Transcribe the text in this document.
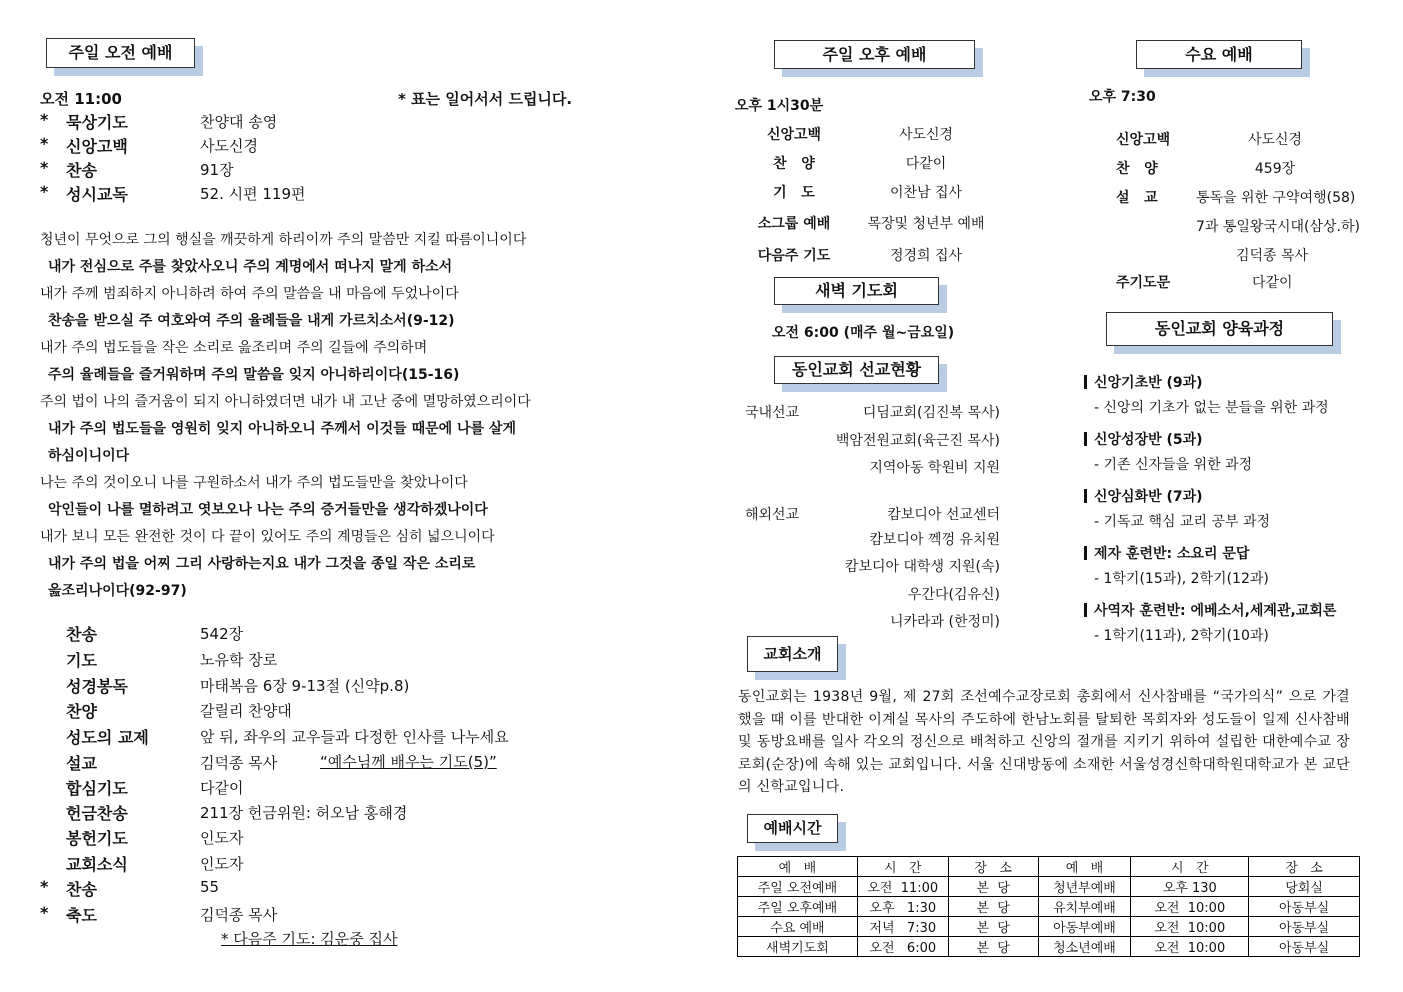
주일 오전 예배
오전 11:00	* 표는 일어서서 드립니다.
* 묵상기도	찬양대 송영
* 신앙고백	사도신경
* 찬송	91장
* 성시교독	52. 시편 119편
청년이 무엇으로 그의 행실을 깨끗하게 하리이까 주의 말씀만 지킬 따름이니이다
내가 전심으로 주를 찾았사오니 주의 계명에서 떠나지 말게 하소서
내가 주께 범죄하지 아니하려 하여 주의 말씀을 내 마음에 두었나이다
찬송을 받으실 주 여호와여 주의 율례들을 내게 가르치소서(9-12)
내가 주의 법도들을 작은 소리로 읊조리며 주의 길들에 주의하며
주의 율례들을 즐거워하며 주의 말씀을 잊지 아니하리이다(15-16)
주의 법이 나의 즐거움이 되지 아니하였더면 내가 내 고난 중에 멸망하였으리이다
내가 주의 법도들을 영원히 잊지 아니하오니 주께서 이것들 때문에 나를 살게
하심이니이다
나는 주의 것이오니 나를 구원하소서 내가 주의 법도들만을 찾았나이다
악인들이 나를 멸하려고 엿보오나 나는 주의 증거들만을 생각하겠나이다
내가 보니 모든 완전한 것이 다 끝이 있어도 주의 계명들은 심히 넓으니이다
내가 주의 법을 어찌 그리 사랑하는지요 내가 그것을 종일 작은 소리로
읊조리나이다(92-97)
찬송	542장
기도	노유학 장로
성경봉독	마태복음 6장 9-13절 (신약p.8)
찬양	갈릴리 찬양대
성도의 교제	앞 뒤, 좌우의 교우들과 다정한 인사를 나누세요
설교	김덕종 목사
합심기도	다같이
헌금찬송	211장 헌금위원: 허오남 홍해경
봉헌기도	인도자
교회소식	인도자
* 찬송	55
* 축도	김덕종 목사
“예수님께 배우는 기도(5)”
* 다음주 기도: 김운중 집사
주일 오후 예배
오후 1시30분
신앙고백	사도신경
찬   양	다같이
기   도	이찬남 집사
소그룹 예배	목장및 청년부 예배
다음주 기도	정경희 집사
새벽 기도회
오전 6:00 (매주 월~금요일)
동인교회 선교현황
국내선교	디딤교회(김진복 목사)
백암전원교회(육근진 목사)
지역아동 학원비 지원
해외선교	캄보디아 선교센터
캄보디아 껙껑 유치원
캄보디아 대학생 지원(속)
우간다(김유신)
니카라과 (한정미)
수요 예배
오후 7:30
신앙고백	사도신경
찬   양	459장
설   교	통독을 위한 구약여행(58)
7과 통일왕국시대(삼상.하)
김덕종 목사
주기도문	다같이
동인교회 양육과정
신앙기초반 (9과)
- 신앙의 기초가 없는 분들을 위한 과정
신앙성장반 (5과)
- 기존 신자들을 위한 과정
신앙심화반 (7과)
- 기독교 핵심 교리 공부 과정
제자 훈련반: 소요리 문답
- 1학기(15과), 2학기(12과)
사역자 훈련반: 에베소서,세계관,교회론
- 1학기(11과), 2학기(10과)
교회소개
동인교회는 1938년 9월, 제 27회 조선예수교장로회 총회에서 신사참배를 “국가의식” 으로 가결했을 때 이를 반대한 이계실 목사의 주도하에 한남노회를 탈퇴한 목회자와 성도들이 일제 신사참배 및 동방요배를 일사 각오의 정신으로 배척하고 신앙의 절개를 지키기 위하여 설립한 대한예수교 장로회(순장)에 속해 있는 교회입니다. 서울 신대방동에 소재한 서울성경신학대학원대학교가 본 교단의 신학교입니다.
예배시간
예   배	시   간	장   소	예   배	시   간	장   소
주일 오전예배	오전  11:00	본  당	청년부예배	오후 130	당회실
주일 오후예배	오후   1:30	본  당	유치부예배	오전  10:00	아동부실
수요 예배	저녁   7:30	본  당	아동부예배	오전  10:00	아동부실
새벽기도회	오전   6:00	본  당	청소년예배	오전  10:00	아동부실
